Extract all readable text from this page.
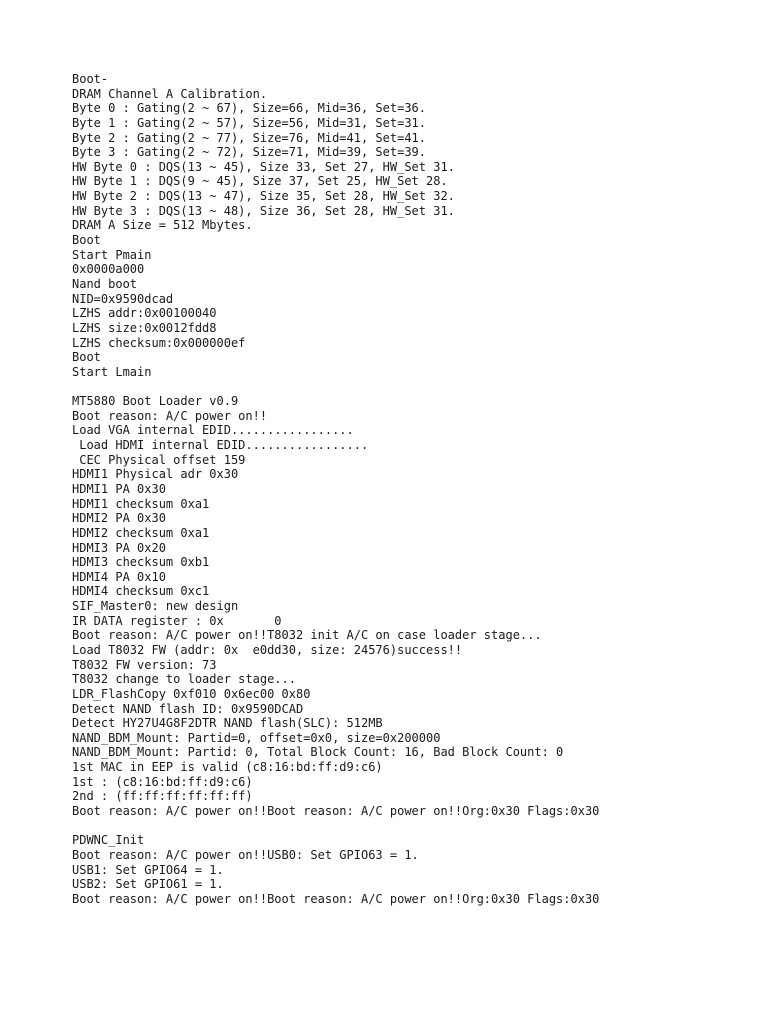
Boot-
DRAM Channel A Calibration.
Byte 0 : Gating(2 ~ 67), Size=66, Mid=36, Set=36.
Byte 1 : Gating(2 ~ 57), Size=56, Mid=31, Set=31.
Byte 2 : Gating(2 ~ 77), Size=76, Mid=41, Set=41.
Byte 3 : Gating(2 ~ 72), Size=71, Mid=39, Set=39.
HW Byte 0 : DQS(13 ~ 45), Size 33, Set 27, HW_Set 31.
HW Byte 1 : DQS(9 ~ 45), Size 37, Set 25, HW_Set 28.
HW Byte 2 : DQS(13 ~ 47), Size 35, Set 28, HW_Set 32.
HW Byte 3 : DQS(13 ~ 48), Size 36, Set 28, HW_Set 31.
DRAM A Size = 512 Mbytes.
Boot
Start Pmain
0x0000a000
Nand boot
NID=0x9590dcad
LZHS addr:0x00100040
LZHS size:0x0012fdd8
LZHS checksum:0x000000ef
Boot
Start Lmain
MT5880 Boot Loader v0.9
Boot reason: A/C power on!!
Load VGA internal EDID.................
Load HDMI internal EDID.................
CEC Physical offset 159
HDMI1 Physical adr 0x30
HDMI1 PA 0x30
HDMI1 checksum 0xa1
HDMI2 PA 0x30
HDMI2 checksum 0xa1
HDMI3 PA 0x20
HDMI3 checksum 0xb1
HDMI4 PA 0x10
HDMI4 checksum 0xc1
SIF_Master0: new design
IR DATA register : 0x       0
Boot reason: A/C power on!!T8032 init A/C on case loader stage...
Load T8032 FW (addr: 0x  e0dd30, size: 24576)success!!
T8032 FW version: 73
T8032 change to loader stage...
LDR_FlashCopy 0xf010 0x6ec00 0x80
Detect NAND flash ID: 0x9590DCAD
Detect HY27U4G8F2DTR NAND flash(SLC): 512MB
NAND_BDM_Mount: Partid=0, offset=0x0, size=0x200000
NAND_BDM_Mount: Partid: 0, Total Block Count: 16, Bad Block Count: 0
1st MAC in EEP is valid (c8:16:bd:ff:d9:c6)
1st : (c8:16:bd:ff:d9:c6)
2nd : (ff:ff:ff:ff:ff:ff)
Boot reason: A/C power on!!Boot reason: A/C power on!!Org:0x30 Flags:0x30
PDWNC_Init
Boot reason: A/C power on!!USB0: Set GPIO63 = 1.
USB1: Set GPIO64 = 1.
USB2: Set GPIO61 = 1.
Boot reason: A/C power on!!Boot reason: A/C power on!!Org:0x30 Flags:0x30
